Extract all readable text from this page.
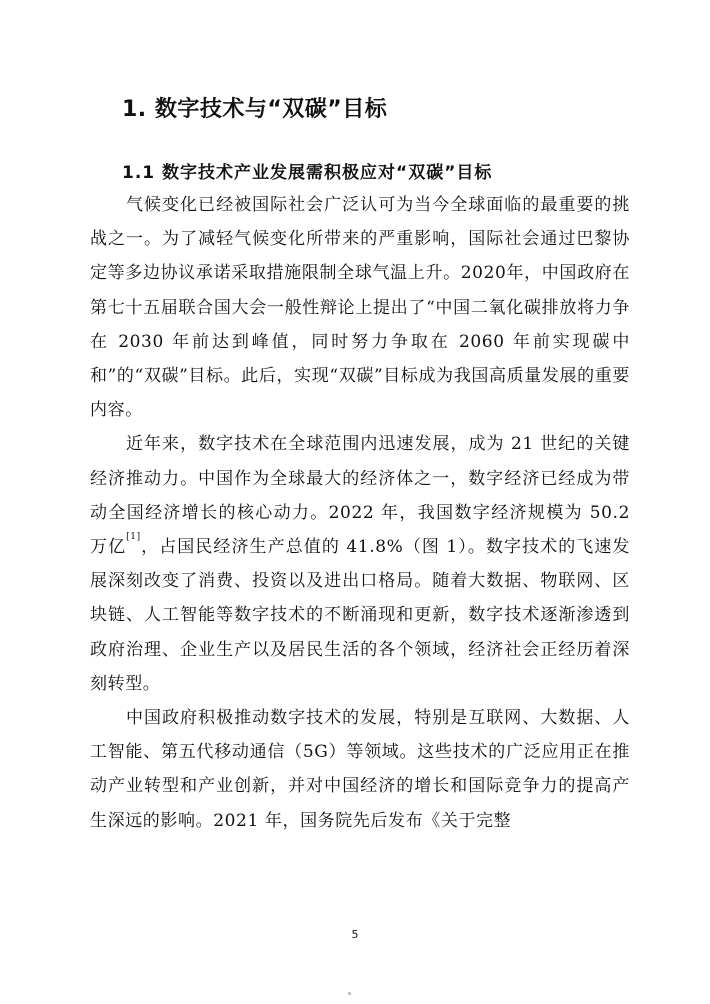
1. 数字技术与“双碳”目标
1.1 数字技术产业发展需积极应对“双碳”目标

气候变化已经被国际社会广泛认可为当今全球面临的最重要的挑战之一。为了减轻气候变化所带来的严重影响，国际社会通过巴黎协定等多边协议承诺采取措施限制全球气温上升。2020年，中国政府在第七十五届联合国大会一般性辩论上提出了“中国二氧化碳排放将力争在 2030 年前达到峰值，同时努力争取在 2060 年前实现碳中和”的“双碳”目标。此后，实现“双碳”目标成为我国高质量发展的重要内容。

近年来，数字技术在全球范围内迅速发展，成为 21 世纪的关键经济推动力。中国作为全球最大的经济体之一，数字经济已经成为带动全国经济增长的核心动力。2022 年，我国数字经济规模为 50.2 万亿[1]，占国民经济生产总值的 41.8%（图 1）。数字技术的飞速发展深刻改变了消费、投资以及进出口格局。随着大数据、物联网、区块链、人工智能等数字技术的不断涌现和更新，数字技术逐渐渗透到政府治理、企业生产以及居民生活的各个领域，经济社会正经历着深刻转型。

中国政府积极推动数字技术的发展，特别是互联网、大数据、人工智能、第五代移动通信（5G）等领域。这些技术的广泛应用正在推动产业转型和产业创新，并对中国经济的增长和国际竞争力的提高产生深远的影响。2021 年，国务院先后发布《关于完整

5
